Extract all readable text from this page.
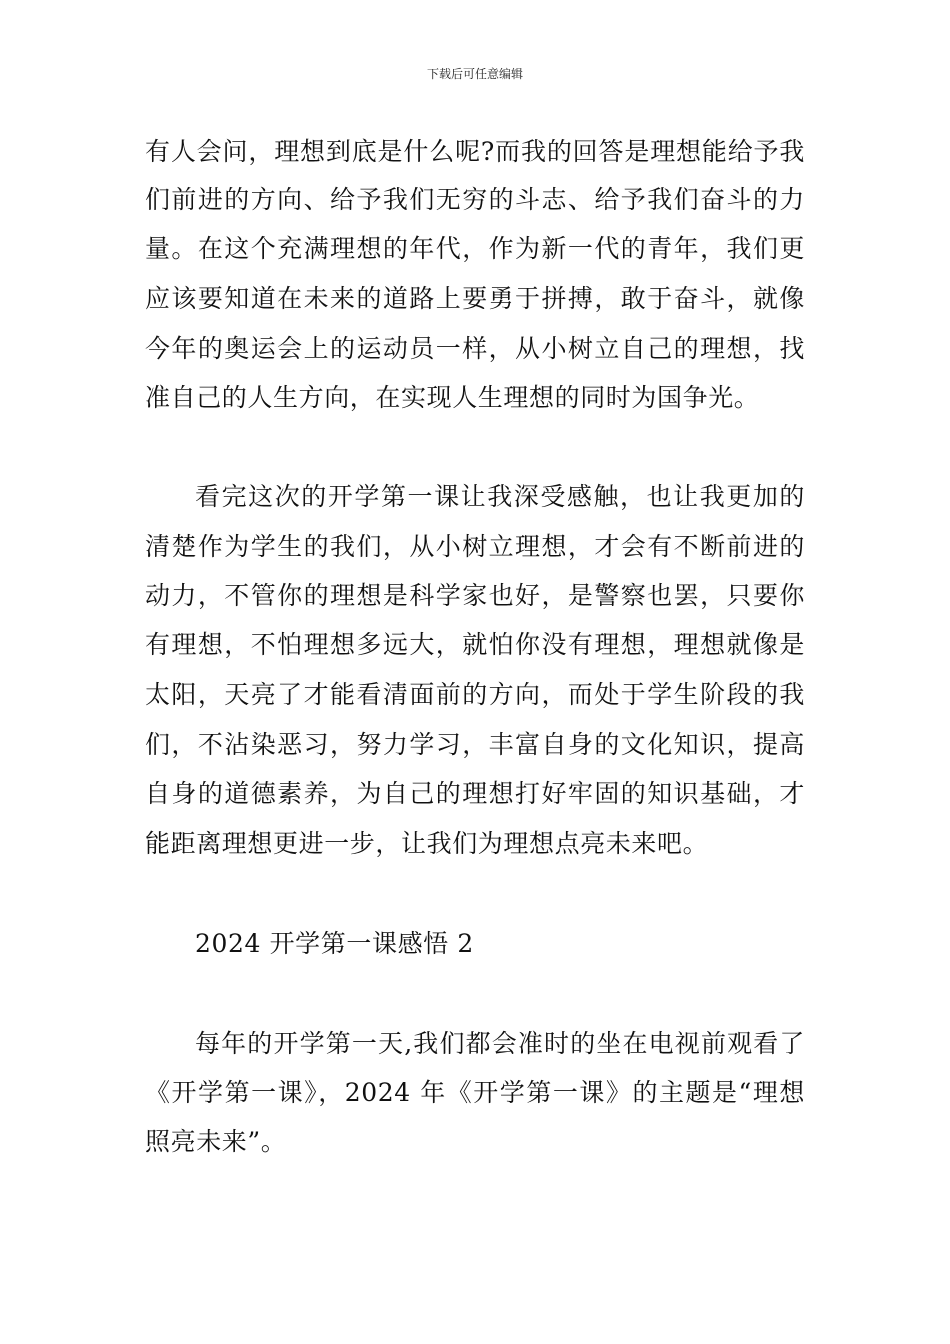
下载后可任意编辑
有人会问，理想到底是什么呢?而我的回答是理想能给予我
们前进的方向、给予我们无穷的斗志、给予我们奋斗的力
量。在这个充满理想的年代，作为新一代的青年，我们更
应该要知道在未来的道路上要勇于拼搏，敢于奋斗，就像
今年的奥运会上的运动员一样，从小树立自己的理想，找
准自己的人生方向，在实现人生理想的同时为国争光。
看完这次的开学第一课让我深受感触，也让我更加的
清楚作为学生的我们，从小树立理想，才会有不断前进的
动力，不管你的理想是科学家也好，是警察也罢，只要你
有理想，不怕理想多远大，就怕你没有理想，理想就像是
太阳，天亮了才能看清面前的方向，而处于学生阶段的我
们，不沾染恶习，努力学习，丰富自身的文化知识，提高
自身的道德素养，为自己的理想打好牢固的知识基础，才
能距离理想更进一步，让我们为理想点亮未来吧。
2024 开学第一课感悟 2
每年的开学第一天,我们都会准时的坐在电视前观看了
《开学第一课》，2024 年《开学第一课》的主题是“理想
照亮未来”。
